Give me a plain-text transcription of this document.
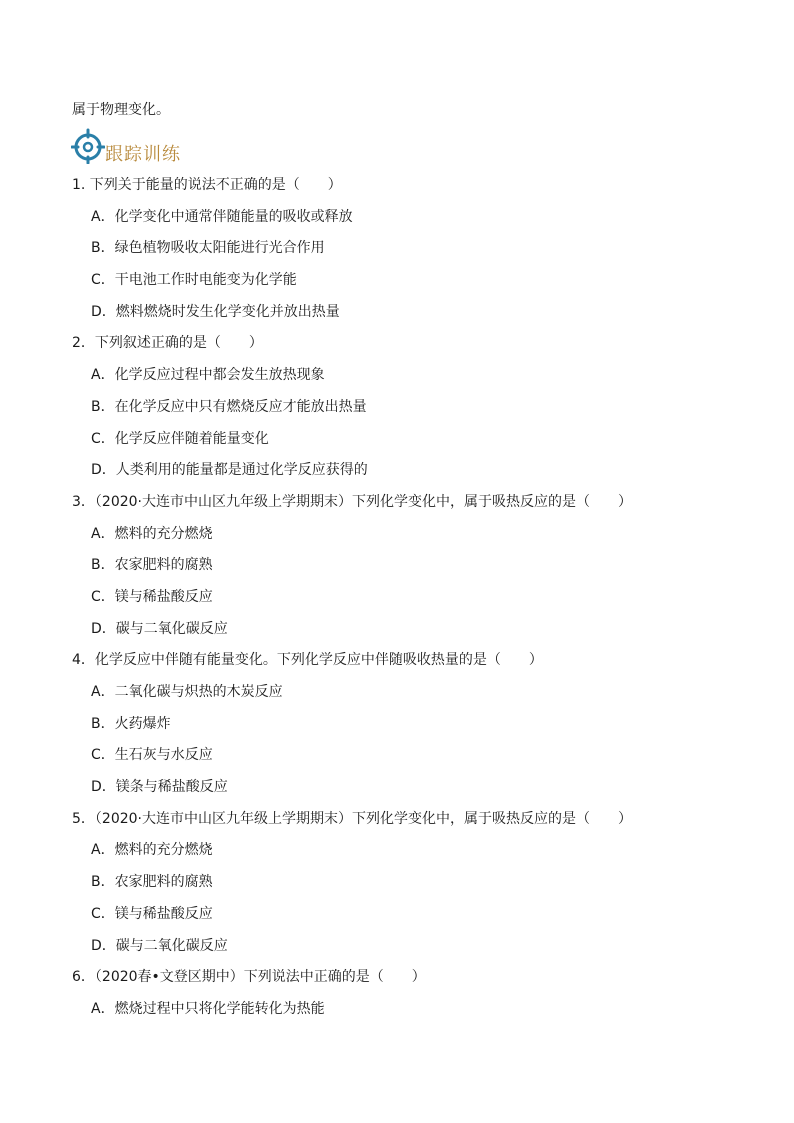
属于物理变化。
跟踪训练
1. 下列关于能量的说法不正确的是（　　）
A．化学变化中通常伴随能量的吸收或释放
B．绿色植物吸收太阳能进行光合作用
C．干电池工作时电能变为化学能
D．燃料燃烧时发生化学变化并放出热量
2．下列叙述正确的是（　　）
A．化学反应过程中都会发生放热现象
B．在化学反应中只有燃烧反应才能放出热量
C．化学反应伴随着能量变化
D．人类利用的能量都是通过化学反应获得的
3．（2020·大连市中山区九年级上学期期末）下列化学变化中，属于吸热反应的是（　　）
A．燃料的充分燃烧
B．农家肥料的腐熟
C．镁与稀盐酸反应
D．碳与二氧化碳反应
4．化学反应中伴随有能量变化。下列化学反应中伴随吸收热量的是（　　）
A．二氧化碳与炽热的木炭反应
B．火药爆炸
C．生石灰与水反应
D．镁条与稀盐酸反应
5．（2020·大连市中山区九年级上学期期末）下列化学变化中，属于吸热反应的是（　　）
A．燃料的充分燃烧
B．农家肥料的腐熟
C．镁与稀盐酸反应
D．碳与二氧化碳反应
6．（2020春•文登区期中）下列说法中正确的是（　　）
A．燃烧过程中只将化学能转化为热能
